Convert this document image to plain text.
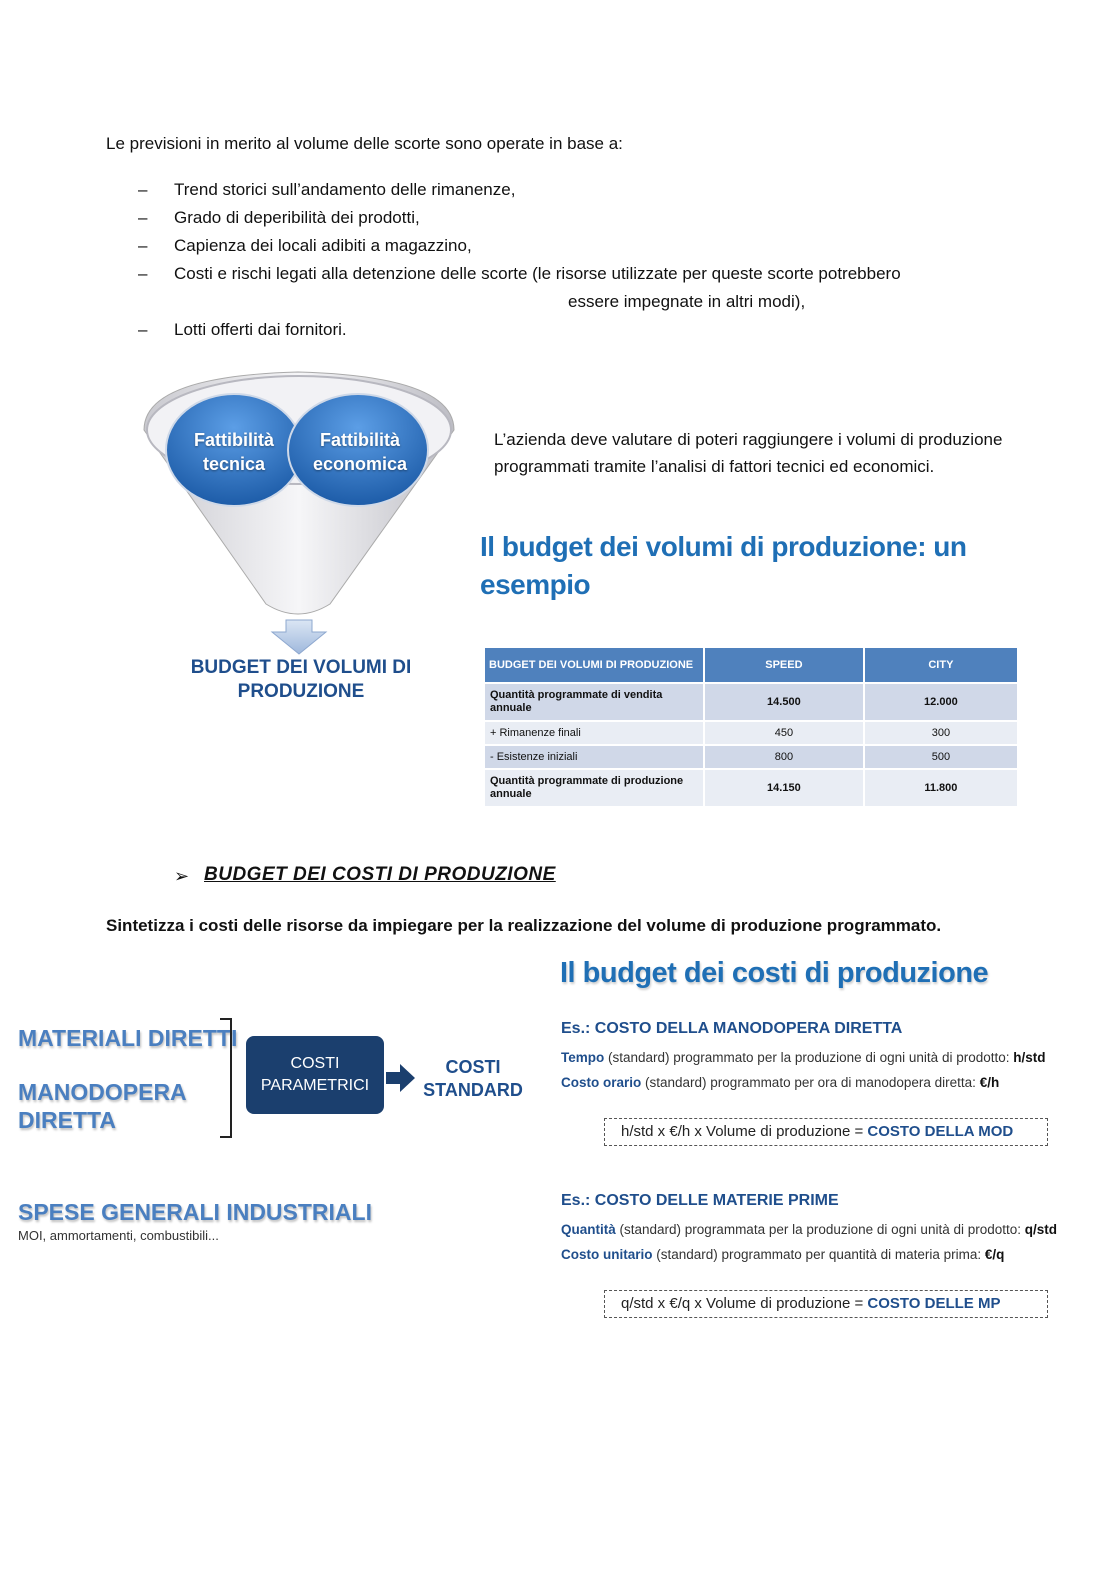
Le previsioni in merito al volume delle scorte sono operate in base a:
– Trend storici sull’andamento delle rimanenze,
– Grado di deperibilità dei prodotti,
– Capienza dei locali adibiti a magazzino,
– Costi e rischi legati alla detenzione delle scorte (le risorse utilizzate per queste scorte potrebbero
essere impegnate in altri modi),
– Lotti offerti dai fornitori.
Fattibilità
tecnica
Fattibilità
economica
BUDGET DEI VOLUMI DI
PRODUZIONE
L’azienda deve valutare di poteri raggiungere i volumi di produzione programmati tramite l’analisi di fattori tecnici ed economici.
Il budget dei volumi di produzione: un esempio
BUDGET DEI VOLUMI DI PRODUZIONE	SPEED	CITY
Quantità programmate di vendita annuale	14.500	12.000
+ Rimanenze finali	450	300
- Esistenze iniziali	800	500
Quantità programmate di produzione annuale	14.150	11.800
➢ BUDGET DEI COSTI DI PRODUZIONE
Sintetizza i costi delle risorse da impiegare per la realizzazione del volume di produzione programmato.
MATERIALI DIRETTI
MANODOPERA
DIRETTA
COSTI
PARAMETRICI
COSTI
STANDARD
SPESE GENERALI INDUSTRIALI
MOI, ammortamenti, combustibili...
Il budget dei costi di produzione
Es.: COSTO DELLA MANODOPERA DIRETTA
Tempo (standard) programmato per la produzione di ogni unità di prodotto: h/std
Costo orario (standard) programmato per ora di manodopera diretta: €/h
h/std x €/h x Volume di produzione = COSTO DELLA MOD
Es.: COSTO DELLE MATERIE PRIME
Quantità (standard) programmata per la produzione di ogni unità di prodotto: q/std
Costo unitario (standard) programmato per quantità di materia prima: €/q
q/std x €/q x Volume di produzione = COSTO DELLE MP
